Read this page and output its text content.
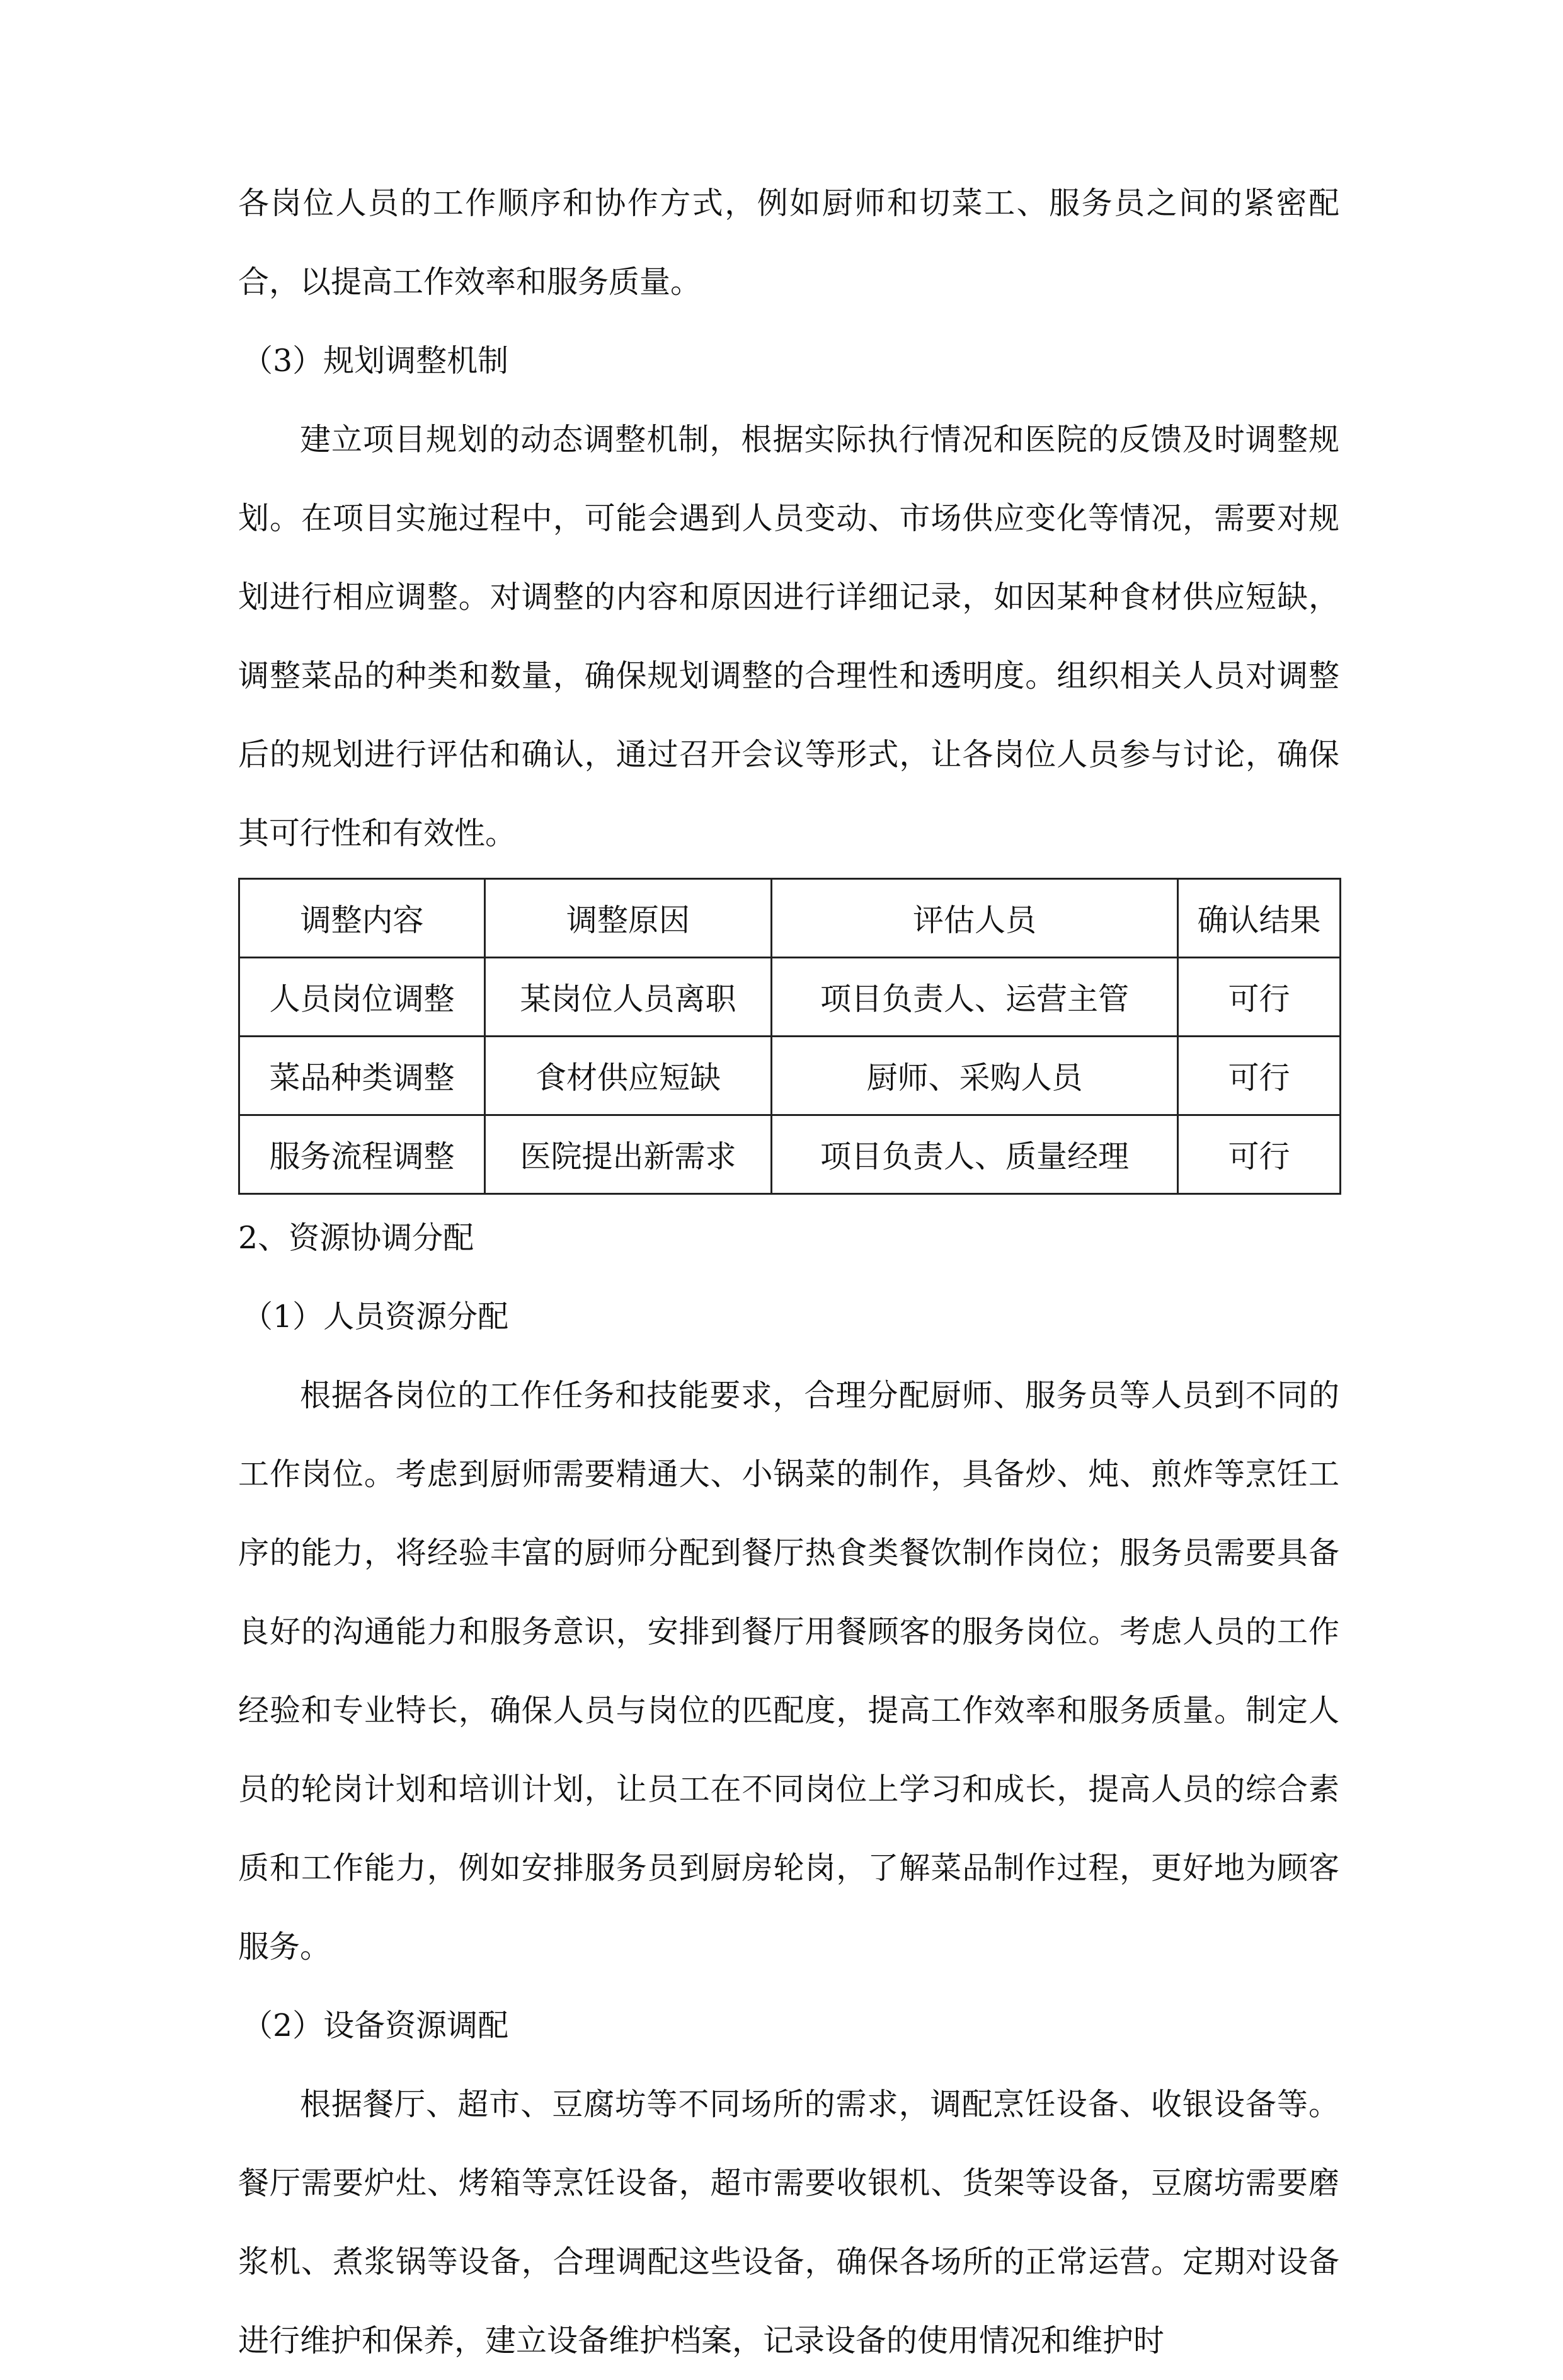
各岗位人员的工作顺序和协作方式，例如厨师和切菜工、服务员之间的紧密配合，以提高工作效率和服务质量。

（3）规划调整机制

建立项目规划的动态调整机制，根据实际执行情况和医院的反馈及时调整规划。在项目实施过程中，可能会遇到人员变动、市场供应变化等情况，需要对规划进行相应调整。对调整的内容和原因进行详细记录，如因某种食材供应短缺，调整菜品的种类和数量，确保规划调整的合理性和透明度。组织相关人员对调整后的规划进行评估和确认，通过召开会议等形式，让各岗位人员参与讨论，确保其可行性和有效性。

调整内容	调整原因	评估人员	确认结果
人员岗位调整	某岗位人员离职	项目负责人、运营主管	可行
菜品种类调整	食材供应短缺	厨师、采购人员	可行
服务流程调整	医院提出新需求	项目负责人、质量经理	可行

2、资源协调分配

（1）人员资源分配

根据各岗位的工作任务和技能要求，合理分配厨师、服务员等人员到不同的工作岗位。考虑到厨师需要精通大、小锅菜的制作，具备炒、炖、煎炸等烹饪工序的能力，将经验丰富的厨师分配到餐厅热食类餐饮制作岗位；服务员需要具备良好的沟通能力和服务意识，安排到餐厅用餐顾客的服务岗位。考虑人员的工作经验和专业特长，确保人员与岗位的匹配度，提高工作效率和服务质量。制定人员的轮岗计划和培训计划，让员工在不同岗位上学习和成长，提高人员的综合素质和工作能力，例如安排服务员到厨房轮岗，了解菜品制作过程，更好地为顾客服务。

（2）设备资源调配

根据餐厅、超市、豆腐坊等不同场所的需求，调配烹饪设备、收银设备等。餐厅需要炉灶、烤箱等烹饪设备，超市需要收银机、货架等设备，豆腐坊需要磨浆机、煮浆锅等设备，合理调配这些设备，确保各场所的正常运营。定期对设备进行维护和保养，建立设备维护档案，记录设备的使用情况和维护时
